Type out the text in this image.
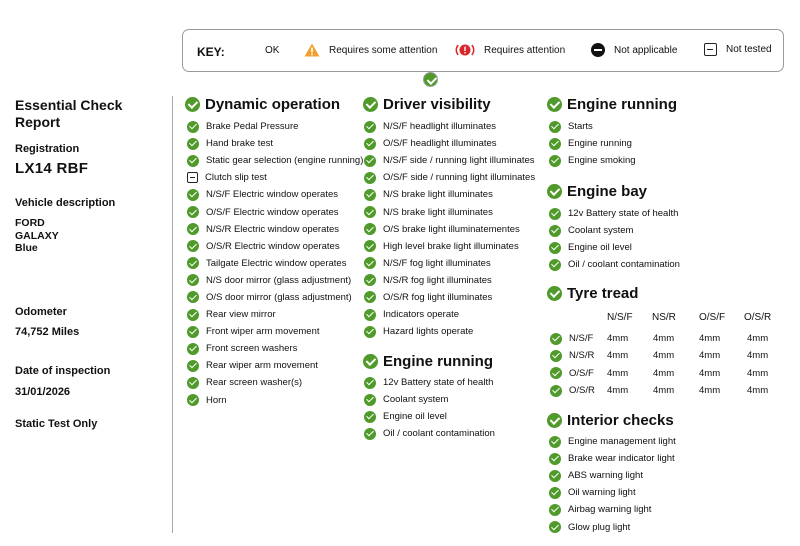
KEY:	OK	Requires some attention	Requires attention	Not applicable	Not tested
Essential Check Report
Registration
LX14 RBF
Vehicle description
FORD
GALAXY
Blue
Odometer
74,752 Miles
Date of inspection
31/01/2026
Static Test Only
Dynamic operation
Brake Pedal Pressure
Hand brake test
Static gear selection (engine running)
Clutch slip test
N/S/F Electric window operates
O/S/F Electric window operates
N/S/R Electric window operates
O/S/R Electric window operates
Tailgate Electric window operates
N/S door mirror (glass adjustment)
O/S door mirror (glass adjustment)
Rear view mirror
Front wiper arm movement
Front screen washers
Rear wiper arm movement
Rear screen washer(s)
Horn
Driver visibility
N/S/F headlight illuminates
O/S/F headlight illuminates
N/S/F side / running light illuminates
O/S/F side / running light illuminates
N/S brake light illuminates
N/S brake light illuminates
O/S brake light illuminatementes
High level brake light illuminates
N/S/F fog light illuminates
N/S/R fog light illuminates
O/S/R fog light illuminates
Indicators operate
Hazard lights operate
Engine running
12v Battery state of health
Coolant system
Engine oil level
Oil / coolant contamination
Engine running
Starts
Engine running
Engine smoking
Engine bay
12v Battery state of health
Coolant system
Engine oil level
Oil / coolant contamination
Tyre tread
N/S/F NS/R O/S/F O/S/R
N/S/F 4mm	4mm	4mm	4mm
N/S/R 4mm	4mm	4mm	4mm
O/S/F 4mm	4mm	4mm	4mm
O/S/R 4mm	4mm	4mm	4mm
Interior checks
Engine management light
Brake wear indicator light
ABS warning light
Oil warning light
Airbag warning light
Glow plug light
